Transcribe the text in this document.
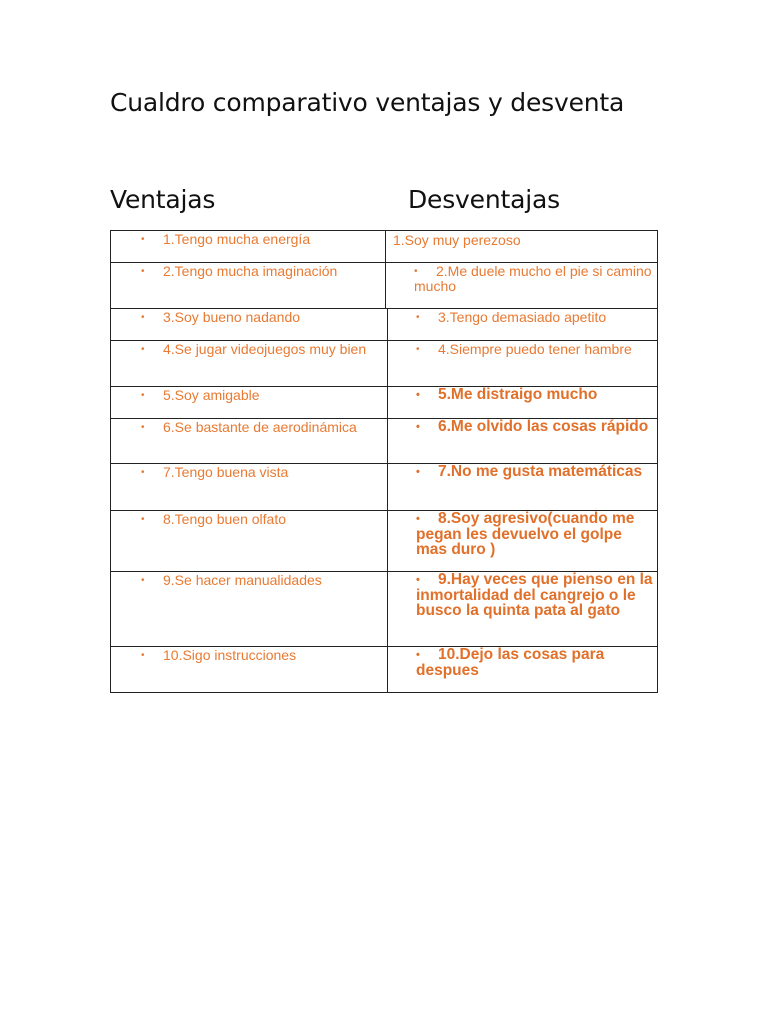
Cualdro comparativo ventajas y desventa
Ventajas	Desventajas
• 1.Tengo mucha energía	1.Soy muy perezoso
• 2.Tengo mucha imaginación	• 2.Me duele mucho el pie si camino mucho
• 3.Soy bueno nadando	• 3.Tengo demasiado apetito
• 4.Se jugar videojuegos muy bien	• 4.Siempre puedo tener hambre
• 5.Soy amigable	• 5.Me distraigo mucho
• 6.Se bastante de aerodinámica	• 6.Me olvido las cosas rápido
• 7.Tengo buena vista	• 7.No me gusta matemáticas
• 8.Tengo buen olfato	• 8.Soy agresivo(cuando me pegan les devuelvo el golpe mas duro )
• 9.Se hacer manualidades	• 9.Hay veces que pienso en la inmortalidad del cangrejo o le busco la quinta pata al gato
• 10.Sigo instrucciones	• 10.Dejo las cosas para despues
